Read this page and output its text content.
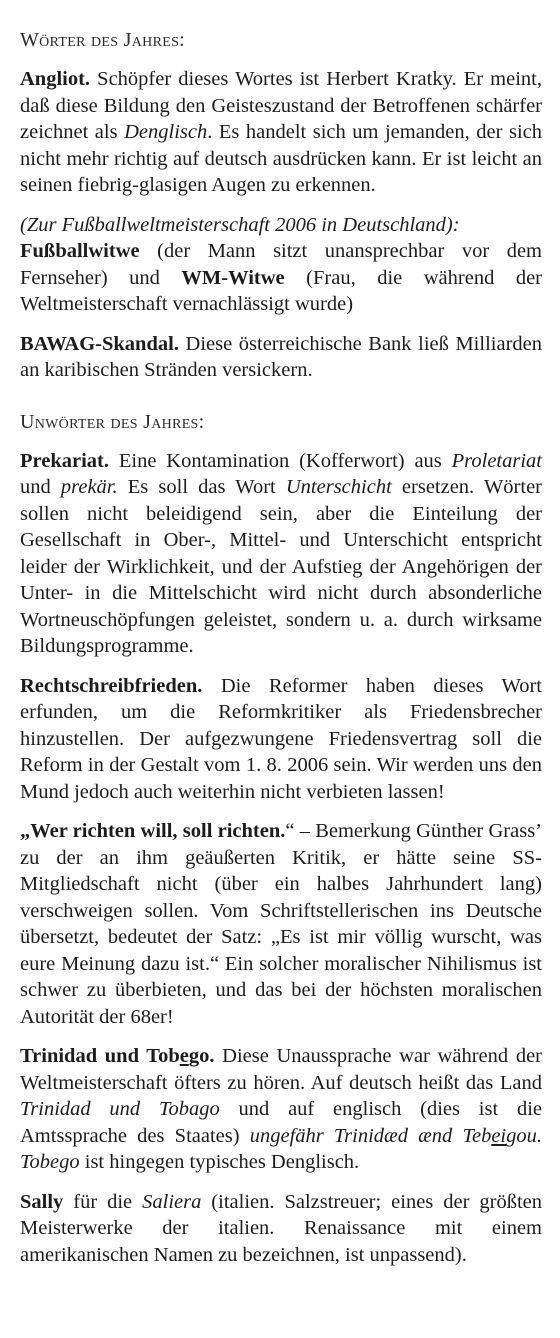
Wörter des Jahres:

Angliot. Schöpfer dieses Wortes ist Herbert Kratky. Er meint, daß diese Bildung den Geisteszustand der Betroffenen schärfer zeichnet als Denglisch. Es handelt sich um jemanden, der sich nicht mehr richtig auf deutsch ausdrücken kann. Er ist leicht an seinen fiebrig-glasigen Augen zu erkennen.

(Zur Fußballweltmeisterschaft 2006 in Deutschland):
Fußballwitwe (der Mann sitzt unansprechbar vor dem Fernseher) und WM-Witwe (Frau, die während der Weltmeisterschaft vernachlässigt wurde)

BAWAG-Skandal. Diese österreichische Bank ließ Milliarden an karibischen Stränden versickern.

Unwörter des Jahres:

Prekariat. Eine Kontamination (Kofferwort) aus Proletariat und prekär. Es soll das Wort Unterschicht ersetzen. Wörter sollen nicht beleidigend sein, aber die Einteilung der Gesellschaft in Ober-, Mittel- und Unterschicht entspricht leider der Wirklichkeit, und der Aufstieg der Angehörigen der Unter- in die Mittelschicht wird nicht durch absonderliche Wortneuschöpfungen geleistet, sondern u. a. durch wirksame Bildungsprogramme.

Rechtschreibfrieden. Die Reformer haben dieses Wort erfunden, um die Reformkritiker als Friedensbrecher hinzustellen. Der aufgezwungene Friedensvertrag soll die Reform in der Gestalt vom 1. 8. 2006 sein. Wir werden uns den Mund jedoch auch weiterhin nicht verbieten lassen!

„Wer richten will, soll richten.“ – Bemerkung Günther Grass’ zu der an ihm geäußerten Kritik, er hätte seine SS-Mitgliedschaft nicht (über ein halbes Jahrhundert lang) verschweigen sollen. Vom Schriftstellerischen ins Deutsche übersetzt, bedeutet der Satz: „Es ist mir völlig wurscht, was eure Meinung dazu ist.“ Ein solcher moralischer Nihilismus ist schwer zu überbieten, und das bei der höchsten moralischen Autorität der 68er!

Trinidad und Tobego. Diese Unaussprache war während der Weltmeisterschaft öfters zu hören. Auf deutsch heißt das Land Trinidad und Tobago und auf englisch (dies ist die Amtssprache des Staates) ungefähr Trinidæd ænd Tebeigou. Tobego ist hingegen typisches Denglisch.

Sally für die Saliera (italien. Salzstreuer; eines der größten Meisterwerke der italien. Renaissance mit einem amerikanischen Namen zu bezeichnen, ist unpassend).
